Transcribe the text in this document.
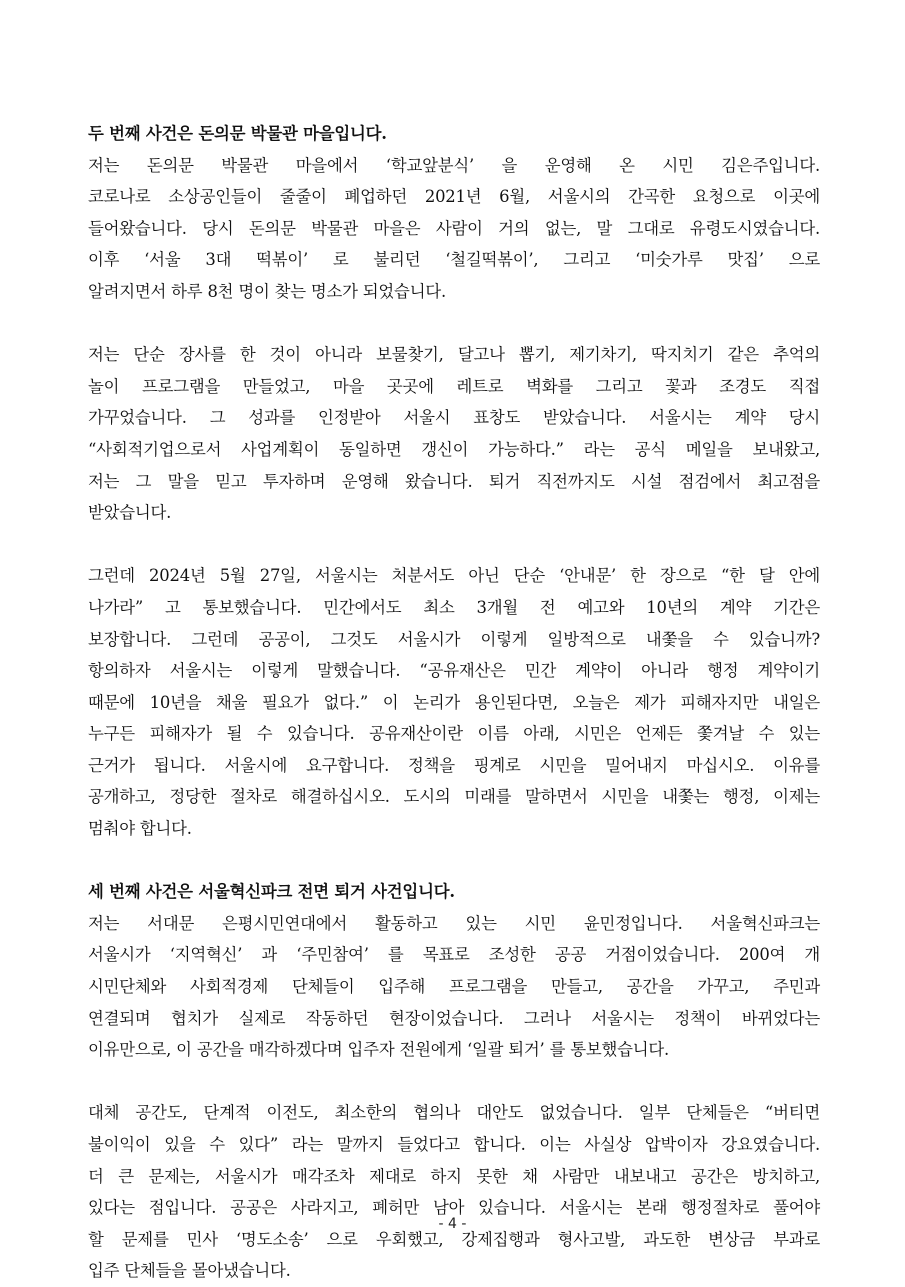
두 번째 사건은 돈의문 박물관 마을입니다.
저는 돈의문 박물관 마을에서 ‘학교앞분식’ 을 운영해 온 시민 김은주입니다.
코로나로 소상공인들이 줄줄이 폐업하던 2021년 6월, 서울시의 간곡한 요청으로 이곳에
들어왔습니다. 당시 돈의문 박물관 마을은 사람이 거의 없는, 말 그대로 유령도시였습니다.
이후 ‘서울 3대 떡볶이’ 로 불리던 ‘철길떡볶이’, 그리고 ‘미숫가루 맛집’ 으로
알려지면서 하루 8천 명이 찾는 명소가 되었습니다.
저는 단순 장사를 한 것이 아니라 보물찾기, 달고나 뽑기, 제기차기, 딱지치기 같은 추억의
놀이 프로그램을 만들었고, 마을 곳곳에 레트로 벽화를 그리고 꽃과 조경도 직접
가꾸었습니다. 그 성과를 인정받아 서울시 표창도 받았습니다. 서울시는 계약 당시
“사회적기업으로서 사업계획이 동일하면 갱신이 가능하다.” 라는 공식 메일을 보내왔고,
저는 그 말을 믿고 투자하며 운영해 왔습니다. 퇴거 직전까지도 시설 점검에서 최고점을
받았습니다.
그런데 2024년 5월 27일, 서울시는 처분서도 아닌 단순 ‘안내문’ 한 장으로 “한 달 안에
나가라” 고 통보했습니다. 민간에서도 최소 3개월 전 예고와 10년의 계약 기간은
보장합니다. 그런데 공공이, 그것도 서울시가 이렇게 일방적으로 내쫓을 수 있습니까?
항의하자 서울시는 이렇게 말했습니다. “공유재산은 민간 계약이 아니라 행정 계약이기
때문에 10년을 채울 필요가 없다.” 이 논리가 용인된다면, 오늘은 제가 피해자지만 내일은
누구든 피해자가 될 수 있습니다. 공유재산이란 이름 아래, 시민은 언제든 쫓겨날 수 있는
근거가 됩니다. 서울시에 요구합니다. 정책을 핑계로 시민을 밀어내지 마십시오. 이유를
공개하고, 정당한 절차로 해결하십시오. 도시의 미래를 말하면서 시민을 내쫓는 행정, 이제는
멈춰야 합니다.
세 번째 사건은 서울혁신파크 전면 퇴거 사건입니다.
저는 서대문 은평시민연대에서 활동하고 있는 시민 윤민정입니다. 서울혁신파크는
서울시가 ‘지역혁신’ 과 ‘주민참여’ 를 목표로 조성한 공공 거점이었습니다. 200여 개
시민단체와 사회적경제 단체들이 입주해 프로그램을 만들고, 공간을 가꾸고, 주민과
연결되며 협치가 실제로 작동하던 현장이었습니다. 그러나 서울시는 정책이 바뀌었다는
이유만으로, 이 공간을 매각하겠다며 입주자 전원에게 ‘일괄 퇴거’ 를 통보했습니다.
대체 공간도, 단계적 이전도, 최소한의 협의나 대안도 없었습니다. 일부 단체들은 “버티면
불이익이 있을 수 있다” 라는 말까지 들었다고 합니다. 이는 사실상 압박이자 강요였습니다.
더 큰 문제는, 서울시가 매각조차 제대로 하지 못한 채 사람만 내보내고 공간은 방치하고,
있다는 점입니다. 공공은 사라지고, 폐허만 남아 있습니다. 서울시는 본래 행정절차로 풀어야
할 문제를 민사 ‘명도소송’ 으로 우회했고, 강제집행과 형사고발, 과도한 변상금 부과로
입주 단체들을 몰아냈습니다.
- 4 -
